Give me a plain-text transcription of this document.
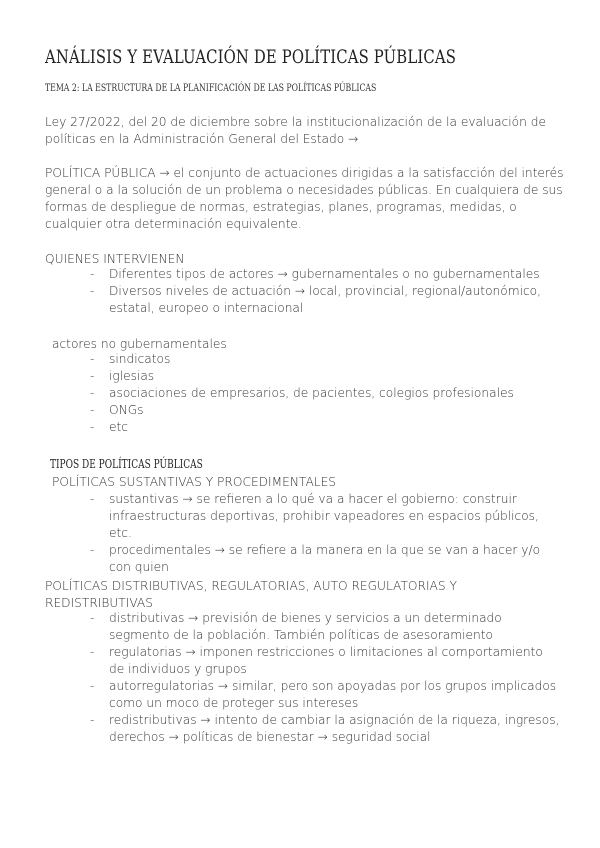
ANÁLISIS Y EVALUACIÓN DE POLÍTICAS PÚBLICAS
TEMA 2: LA ESTRUCTURA DE LA PLANIFICACIÓN DE LAS POLÍTICAS PÚBLICAS
Ley 27/2022, del 20 de diciembre sobre la institucionalización de la evaluación de políticas en la Administración General del Estado →
POLÍTICA PÚBLICA → el conjunto de actuaciones dirigidas a la satisfacción del interés general o a la solución de un problema o necesidades públicas. En cualquiera de sus formas de despliegue de normas, estrategias, planes, programas, medidas, o cualquier otra determinación equivalente.
QUIENES INTERVIENEN
- Diferentes tipos de actores → gubernamentales o no gubernamentales
- Diversos niveles de actuación → local, provincial, regional/autonómico, estatal, europeo o internacional
actores no gubernamentales
- sindicatos
- iglesias
- asociaciones de empresarios, de pacientes, colegios profesionales
- ONGs
- etc
TIPOS DE POLÍTICAS PÚBLICAS
POLÍTICAS SUSTANTIVAS Y PROCEDIMENTALES
- sustantivas → se refieren a lo qué va a hacer el gobierno: construir infraestructuras deportivas, prohibir vapeadores en espacios públicos, etc.
- procedimentales → se refiere a la manera en la que se van a hacer y/o con quien
POLÍTICAS DISTRIBUTIVAS, REGULATORIAS, AUTO REGULATORIAS Y REDISTRIBUTIVAS
- distributivas → previsión de bienes y servicios a un determinado segmento de la población. También políticas de asesoramiento
- regulatorias → imponen restricciones o limitaciones al comportamiento de individuos y grupos
- autorregulatorias → similar, pero son apoyadas por los grupos implicados como un moco de proteger sus intereses
- redistributivas → intento de cambiar la asignación de la riqueza, ingresos, derechos → políticas de bienestar → seguridad social
